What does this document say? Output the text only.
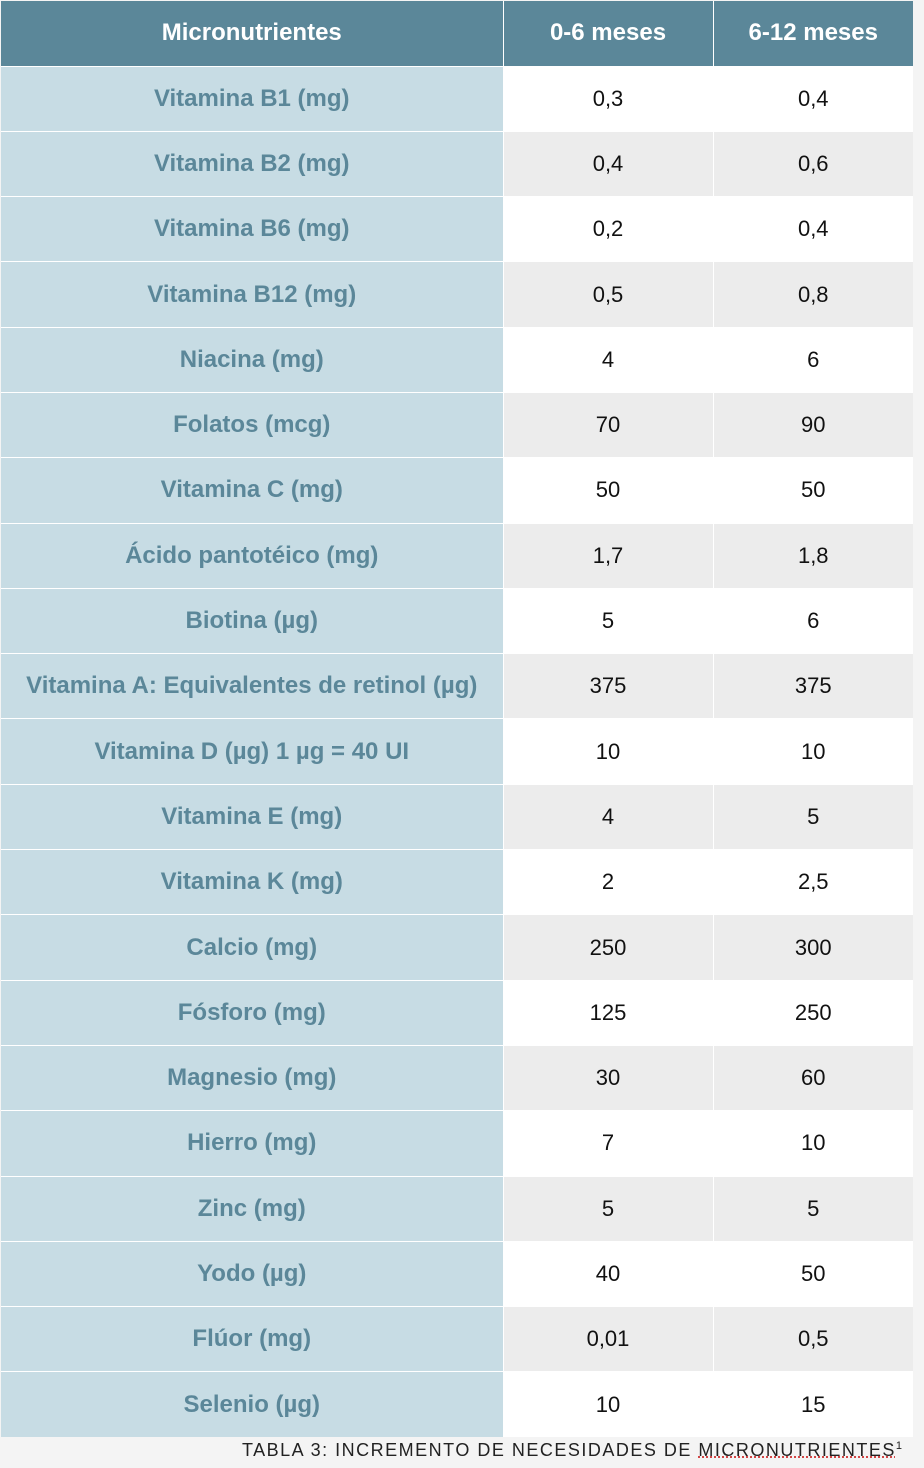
Micronutrientes	0-6 meses	6-12 meses
Vitamina B1 (mg)	0,3	0,4
Vitamina B2 (mg)	0,4	0,6
Vitamina B6 (mg)	0,2	0,4
Vitamina B12 (mg)	0,5	0,8
Niacina (mg)	4	6
Folatos (mcg)	70	90
Vitamina C (mg)	50	50
Ácido pantotéico (mg)	1,7	1,8
Biotina (µg)	5	6
Vitamina A: Equivalentes de retinol (µg)	375	375
Vitamina D (µg) 1 µg = 40 UI	10	10
Vitamina E (mg)	4	5
Vitamina K (mg)	2	2,5
Calcio (mg)	250	300
Fósforo (mg)	125	250
Magnesio (mg)	30	60
Hierro (mg)	7	10
Zinc (mg)	5	5
Yodo (µg)	40	50
Flúor (mg)	0,01	0,5
Selenio (µg)	10	15
TABLA 3: INCREMENTO DE NECESIDADES DE MICRONUTRIENTES$^1$
